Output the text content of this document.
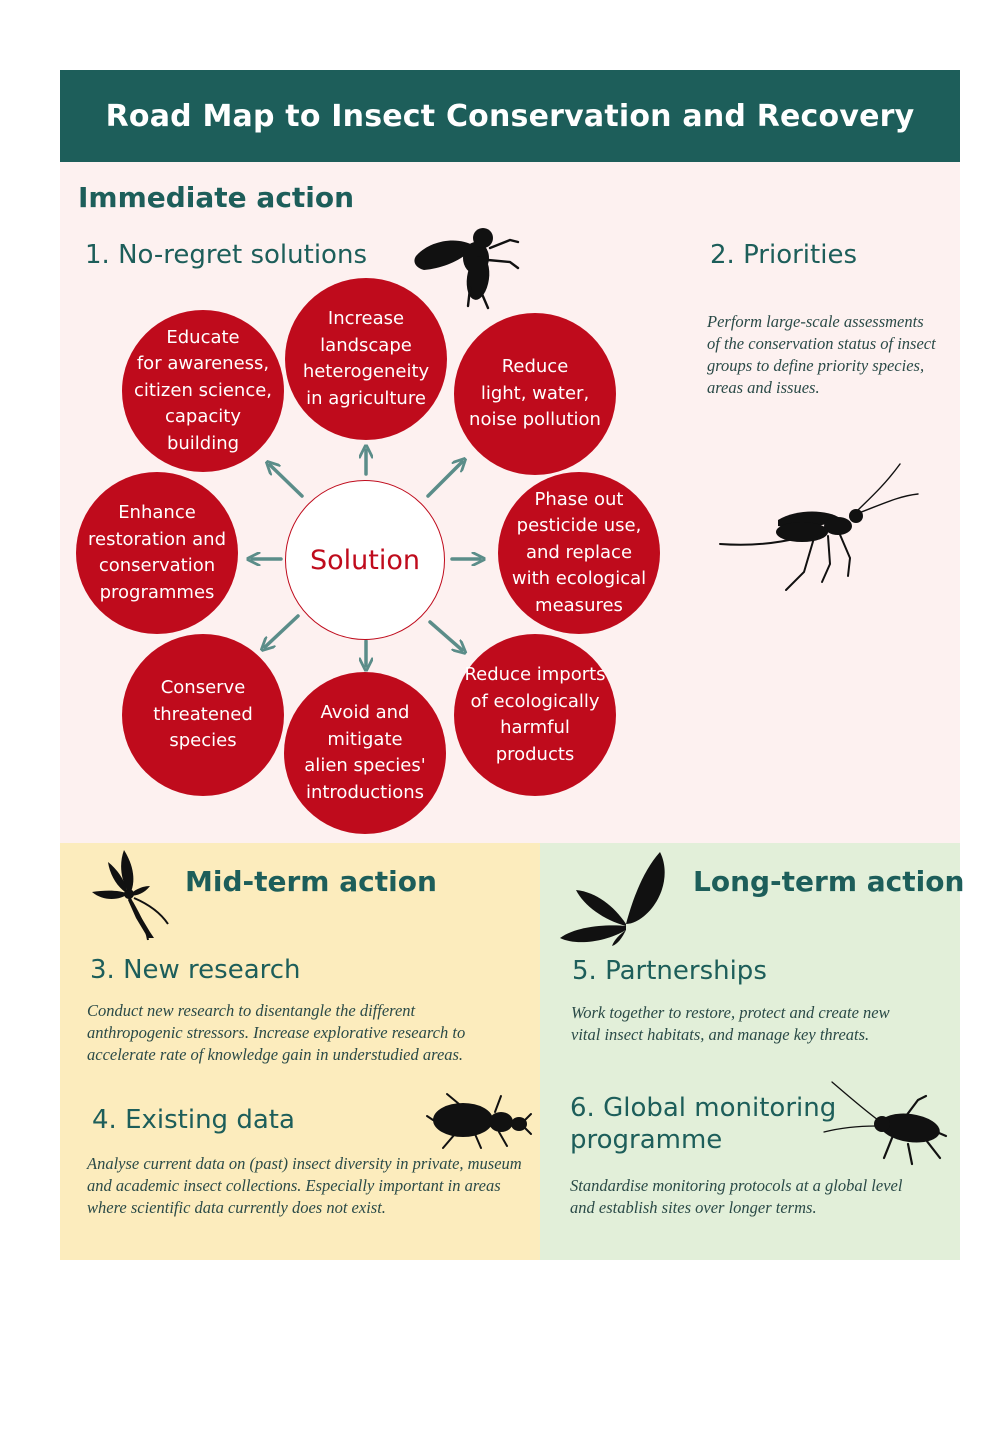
Road Map to Insect Conservation and Recovery
Immediate action
1. No-regret solutions	2. Priorities
Perform large-scale assessments of the conservation status of insect groups to define priority species, areas and issues.
Solution
Increase
landscape
heterogeneity
in agriculture
Reduce
light, water,
noise pollution
Phase out
pesticide use,
and replace
with ecological
measures
Reduce imports
of ecologically
harmful
products
Avoid and
mitigate
alien species'
introductions
Conserve
threatened
species
Enhance
restoration and
conservation
programmes
Educate
for awareness,
citizen science,
capacity
building
Mid-term action
3. New research
Conduct new research to disentangle the different anthropogenic stressors. Increase explorative research to accelerate rate of knowledge gain in understudied areas.
4. Existing data
Analyse current data on (past) insect diversity in private, museum and academic insect collections. Especially important in areas where scientific data currently does not exist.
Long-term action
5. Partnerships
Work together to restore, protect and create new vital insect habitats, and manage key threats.
6. Global monitoring
programme
Standardise monitoring protocols at a global level and establish sites over longer terms.
